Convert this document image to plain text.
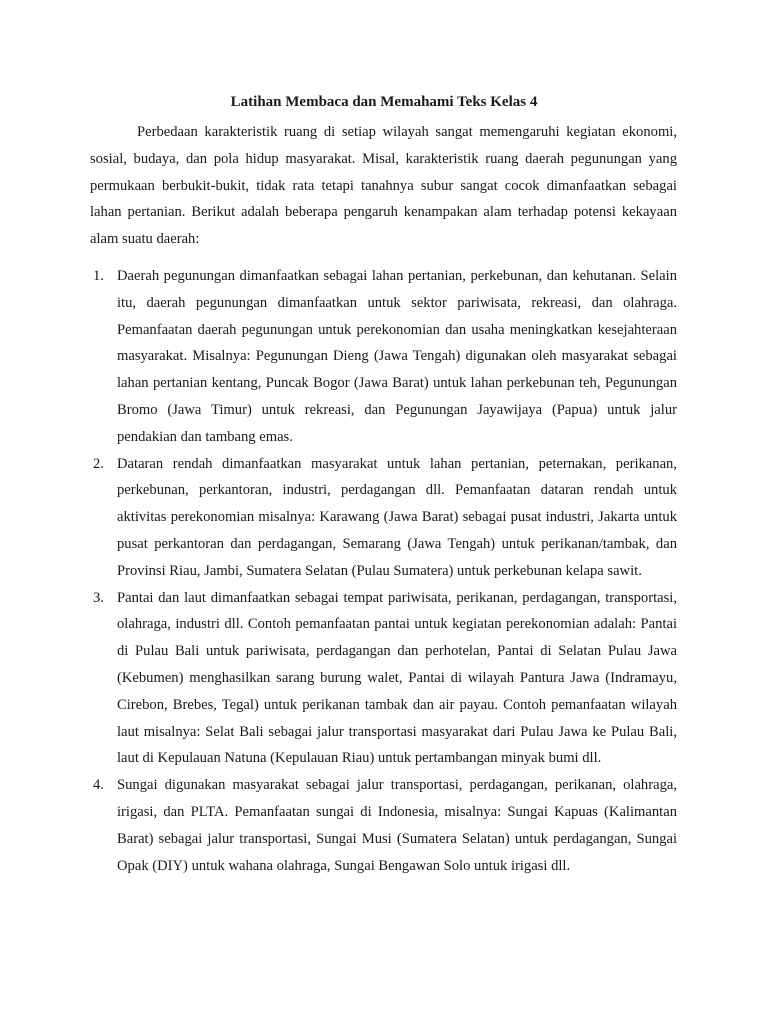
Latihan Membaca dan Memahami Teks Kelas 4

Perbedaan karakteristik ruang di setiap wilayah sangat memengaruhi kegiatan ekonomi, sosial, budaya, dan pola hidup masyarakat. Misal, karakteristik ruang daerah pegunungan yang permukaan berbukit-bukit, tidak rata tetapi tanahnya subur sangat cocok dimanfaatkan sebagai lahan pertanian. Berikut adalah beberapa pengaruh kenampakan alam terhadap potensi kekayaan alam suatu daerah:

1. Daerah pegunungan dimanfaatkan sebagai lahan pertanian, perkebunan, dan kehutanan. Selain itu, daerah pegunungan dimanfaatkan untuk sektor pariwisata, rekreasi, dan olahraga. Pemanfaatan daerah pegunungan untuk perekonomian dan usaha meningkatkan kesejahteraan masyarakat. Misalnya: Pegunungan Dieng (Jawa Tengah) digunakan oleh masyarakat sebagai lahan pertanian kentang, Puncak Bogor (Jawa Barat) untuk lahan perkebunan teh, Pegunungan Bromo (Jawa Timur) untuk rekreasi, dan Pegunungan Jayawijaya (Papua) untuk jalur pendakian dan tambang emas.
2. Dataran rendah dimanfaatkan masyarakat untuk lahan pertanian, peternakan, perikanan, perkebunan, perkantoran, industri, perdagangan dll. Pemanfaatan dataran rendah untuk aktivitas perekonomian misalnya: Karawang (Jawa Barat) sebagai pusat industri, Jakarta untuk pusat perkantoran dan perdagangan, Semarang (Jawa Tengah) untuk perikanan/tambak, dan Provinsi Riau, Jambi, Sumatera Selatan (Pulau Sumatera) untuk perkebunan kelapa sawit.
3. Pantai dan laut dimanfaatkan sebagai tempat pariwisata, perikanan, perdagangan, transportasi, olahraga, industri dll. Contoh pemanfaatan pantai untuk kegiatan perekonomian adalah: Pantai di Pulau Bali untuk pariwisata, perdagangan dan perhotelan, Pantai di Selatan Pulau Jawa (Kebumen) menghasilkan sarang burung walet, Pantai di wilayah Pantura Jawa (Indramayu, Cirebon, Brebes, Tegal) untuk perikanan tambak dan air payau. Contoh pemanfaatan wilayah laut misalnya: Selat Bali sebagai jalur transportasi masyarakat dari Pulau Jawa ke Pulau Bali, laut di Kepulauan Natuna (Kepulauan Riau) untuk pertambangan minyak bumi dll.
4. Sungai digunakan masyarakat sebagai jalur transportasi, perdagangan, perikanan, olahraga, irigasi, dan PLTA. Pemanfaatan sungai di Indonesia, misalnya: Sungai Kapuas (Kalimantan Barat) sebagai jalur transportasi, Sungai Musi (Sumatera Selatan) untuk perdagangan, Sungai Opak (DIY) untuk wahana olahraga, Sungai Bengawan Solo untuk irigasi dll.
